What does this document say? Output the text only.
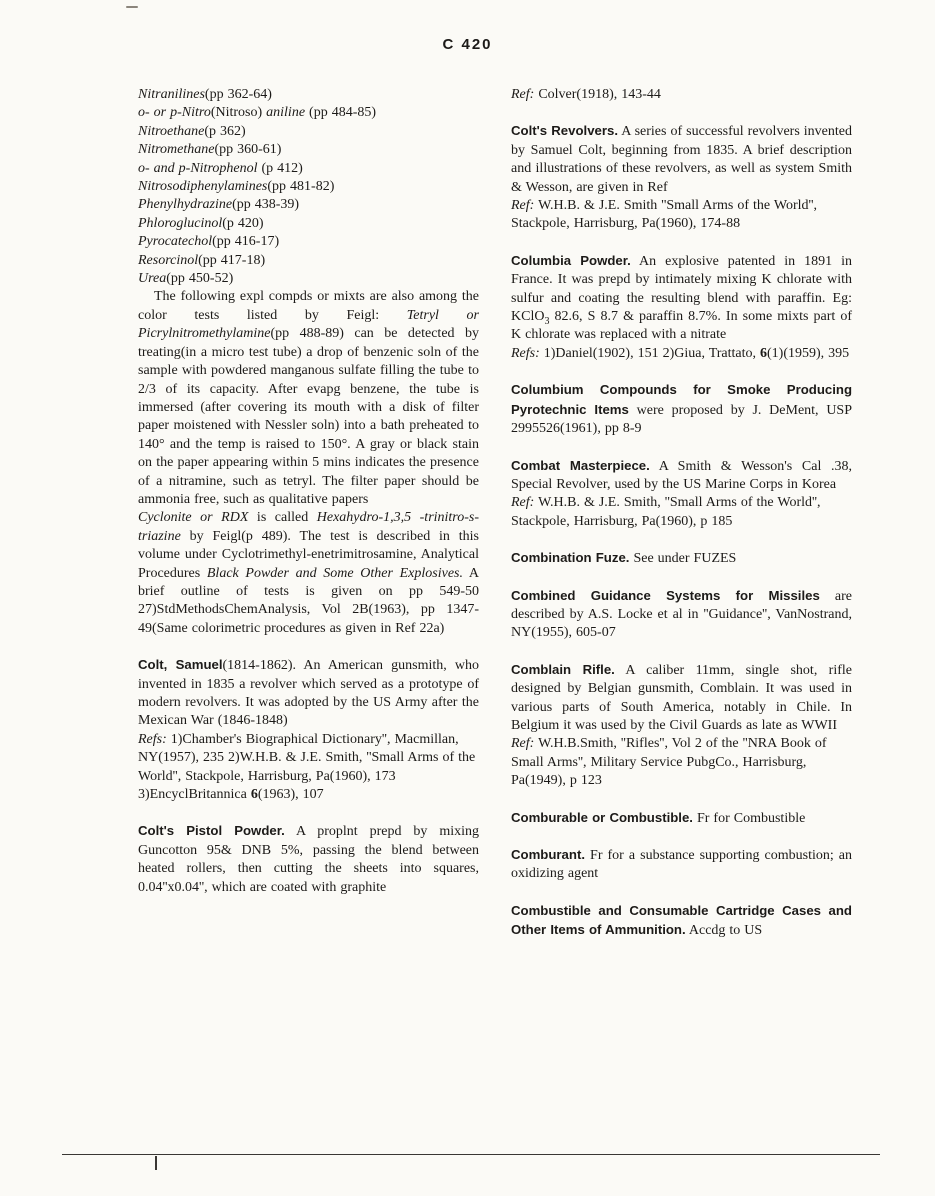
C 420

Nitranilines(pp 362-64)

o- or p-Nitro(Nitroso) aniline (pp 484-85)

Nitroethane(p 362)

Nitromethane(pp 360-61)

o- and p-Nitrophenol (p 412)

Nitrosodiphenylamines(pp 481-82)

Phenylhydrazine(pp 438-39)

Phloroglucinol(p 420)

Pyrocatechol(pp 416-17)

Resorcinol(pp 417-18)

Urea(pp 450-52)

The following expl compds or mixts are also among the color tests listed by Feigl: Tetryl or Picrylnitromethylamine(pp 488-89) can be detected by treating(in a micro test tube) a drop of benzenic soln of the sample with powdered manganous sulfate filling the tube to 2/3 of its capacity. After evapg benzene, the tube is immersed (after covering its mouth with a disk of filter paper moistened with Nessler soln) into a bath preheated to 140° and the temp is raised to 150°. A gray or black stain on the paper appearing within 5 mins indicates the presence of a nitramine, such as tetryl. The filter paper should be ammonia free, such as qualitative papers

Cyclonite or RDX is called Hexahydro-1,3,5 -trinitro-s-triazine by Feigl(p 489). The test is described in this volume under Cyclotrimethyl-enetrimitrosamine, Analytical Procedures Black Powder and Some Other Explosives. A brief outline of tests is given on pp 549-50 27)StdMethodsChemAnalysis, Vol 2B(1963), pp 1347-49(Same colorimetric procedures as given in Ref 22a)

Colt, Samuel(1814-1862). An American gunsmith, who invented in 1835 a revolver which served as a prototype of modern revolvers. It was adopted by the US Army after the Mexican War (1846-1848)

Refs: 1)Chamber's Biographical Dictionary'', Macmillan, NY(1957), 235 2)W.H.B. & J.E. Smith, ''Small Arms of the World'', Stackpole, Harrisburg, Pa(1960), 173 3)EncyclBritannica 6(1963), 107

Colt's Pistol Powder. A proplnt prepd by mixing Guncotton 95& DNB 5%, passing the blend between heated rollers, then cutting the sheets into squares, 0.04''x0.04'', which are coated with graphite

Ref: Colver(1918), 143-44

Colt's Revolvers. A series of successful revolvers invented by Samuel Colt, beginning from 1835. A brief description and illustrations of these revolvers, as well as system Smith & Wesson, are given in Ref

Ref: W.H.B. & J.E. Smith ''Small Arms of the World'', Stackpole, Harrisburg, Pa(1960), 174-88

Columbia Powder. An explosive patented in 1891 in France. It was prepd by intimately mixing K chlorate with sulfur and coating the resulting blend with paraffin. Eg: KClO$_3$ 82.6, S 8.7 & paraffin 8.7%. In some mixts part of K chlorate was replaced with a nitrate

Refs: 1)Daniel(1902), 151 2)Giua, Trattato, 6(1)(1959), 395

Columbium Compounds for Smoke Producing Pyrotechnic Items were proposed by J. DeMent, USP 2995526(1961), pp 8-9

Combat Masterpiece. A Smith & Wesson's Cal .38, Special Revolver, used by the US Marine Corps in Korea

Ref: W.H.B. & J.E. Smith, ''Small Arms of the World'', Stackpole, Harrisburg, Pa(1960), p 185

Combination Fuze. See under FUZES

Combined Guidance Systems for Missiles are described by A.S. Locke et al in ''Guidance'', VanNostrand, NY(1955), 605-07

Comblain Rifle. A caliber 11mm, single shot, rifle designed by Belgian gunsmith, Comblain. It was used in various parts of South America, notably in Chile. In Belgium it was used by the Civil Guards as late as WWII

Ref: W.H.B.Smith, ''Rifles'', Vol 2 of the ''NRA Book of Small Arms'', Military Service PubgCo., Harrisburg, Pa(1949), p 123

Comburable or Combustible. Fr for Combustible

Comburant. Fr for a substance supporting combustion; an oxidizing agent

Combustible and Consumable Cartridge Cases and Other Items of Ammunition. Accdg to US
